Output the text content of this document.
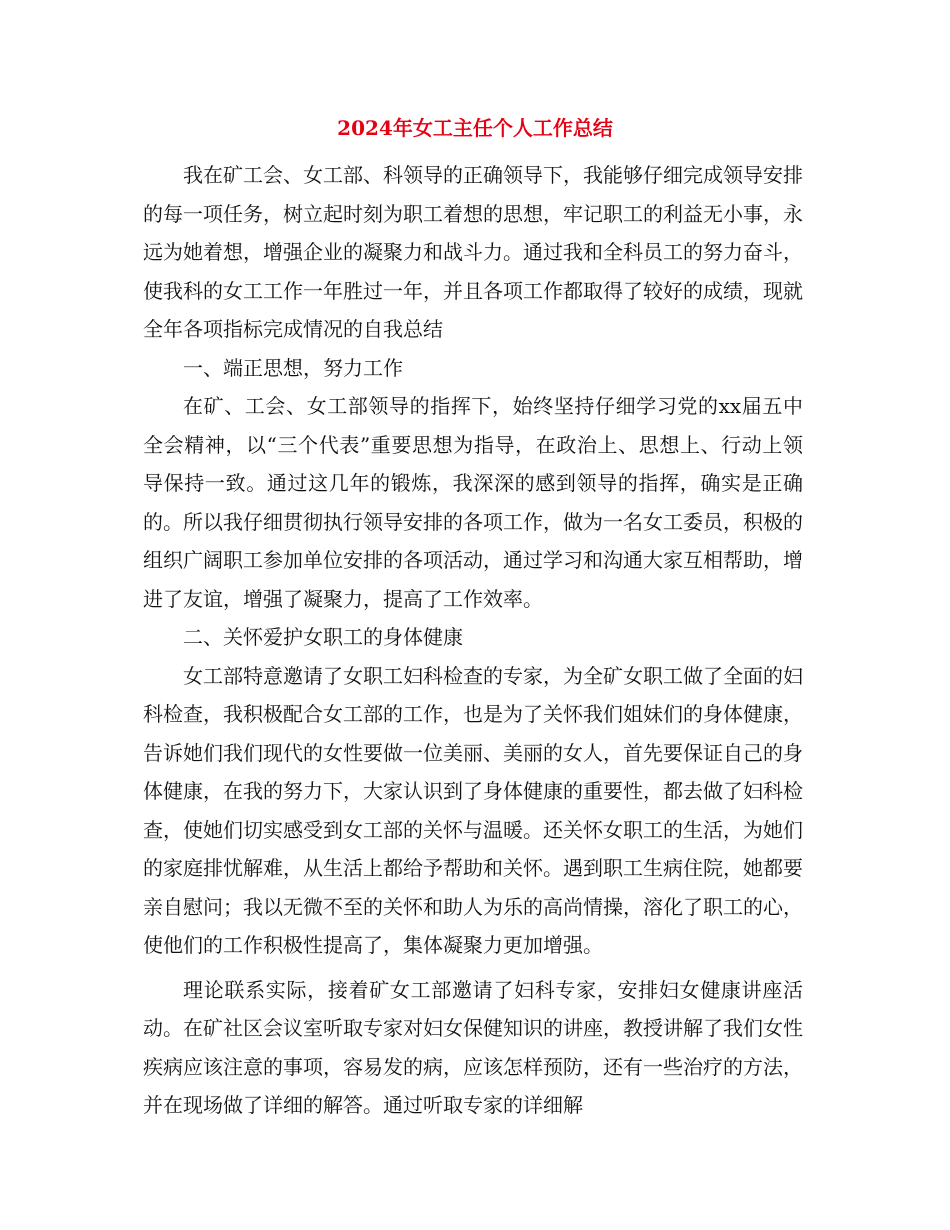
2024年女工主任个人工作总结

我在矿工会、女工部、科领导的正确领导下，我能够仔细完成领导安排的每一项任务，树立起时刻为职工着想的思想，牢记职工的利益无小事，永远为她着想，增强企业的凝聚力和战斗力。通过我和全科员工的努力奋斗，使我科的女工工作一年胜过一年，并且各项工作都取得了较好的成绩，现就全年各项指标完成情况的自我总结

一、端正思想，努力工作

在矿、工会、女工部领导的指挥下，始终坚持仔细学习党的xx届五中全会精神，以“三个代表”重要思想为指导，在政治上、思想上、行动上领导保持一致。通过这几年的锻炼，我深深的感到领导的指挥，确实是正确的。所以我仔细贯彻执行领导安排的各项工作，做为一名女工委员，积极的组织广阔职工参加单位安排的各项活动，通过学习和沟通大家互相帮助，增进了友谊，增强了凝聚力，提高了工作效率。

二、关怀爱护女职工的身体健康

女工部特意邀请了女职工妇科检查的专家，为全矿女职工做了全面的妇科检查，我积极配合女工部的工作，也是为了关怀我们姐妹们的身体健康，告诉她们我们现代的女性要做一位美丽、美丽的女人，首先要保证自己的身体健康，在我的努力下，大家认识到了身体健康的重要性，都去做了妇科检查，使她们切实感受到女工部的关怀与温暖。还关怀女职工的生活，为她们的家庭排忧解难，从生活上都给予帮助和关怀。遇到职工生病住院，她都要亲自慰问；我以无微不至的关怀和助人为乐的高尚情操，溶化了职工的心，使他们的工作积极性提高了，集体凝聚力更加增强。

理论联系实际，接着矿女工部邀请了妇科专家，安排妇女健康讲座活动。在矿社区会议室听取专家对妇女保健知识的讲座，教授讲解了我们女性疾病应该注意的事项，容易发的病，应该怎样预防，还有一些治疗的方法，并在现场做了详细的解答。通过听取专家的详细解
